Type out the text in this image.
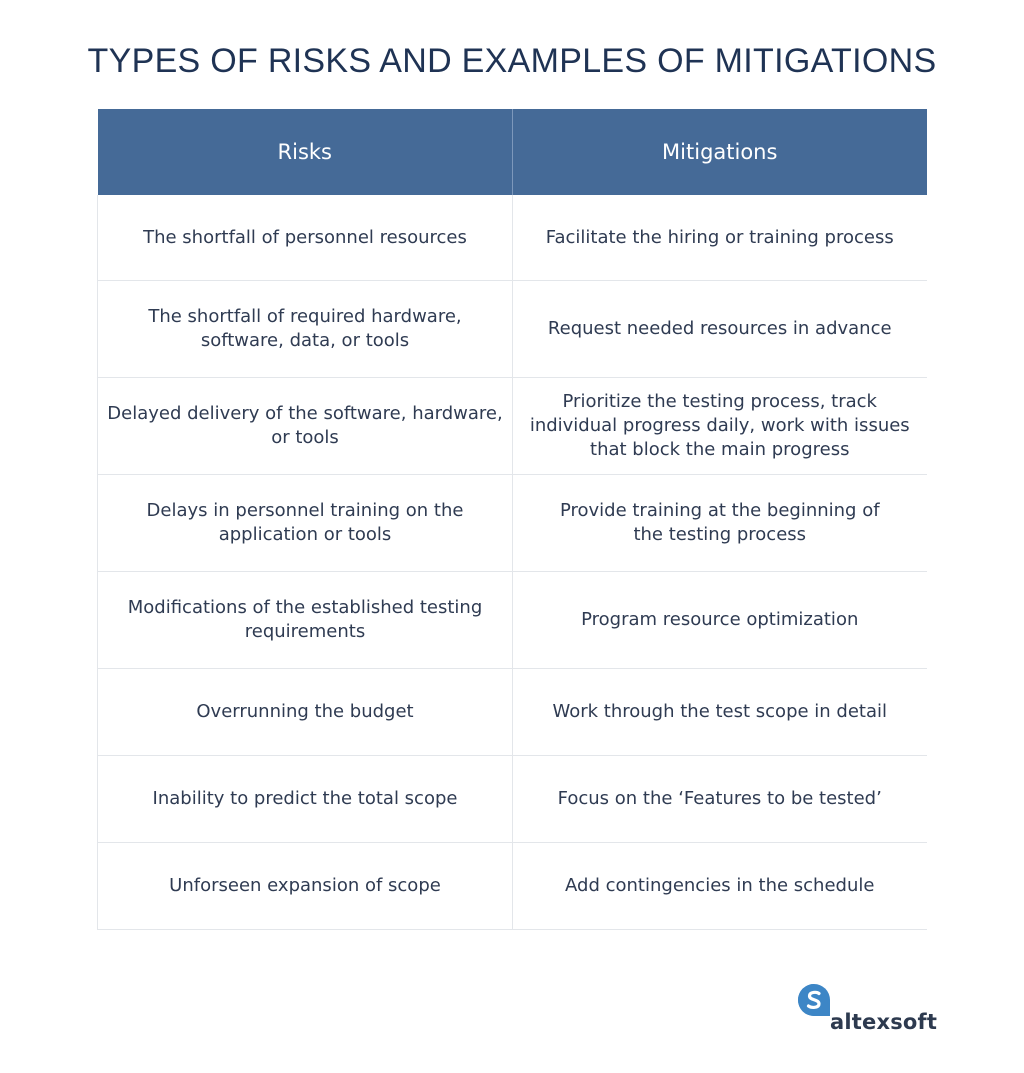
TYPES OF RISKS AND EXAMPLES OF MITIGATIONS
Risks	Mitigations
The shortfall of personnel resources	Facilitate the hiring or training process
The shortfall of required hardware, software, data, or tools	Request needed resources in advance
Delayed delivery of the software, hardware, or tools	Prioritize the testing process, track individual progress daily, work with issues that block the main progress
Delays in personnel training on the application or tools	Provide training at the beginning of the testing process
Modifications of the established testing requirements	Program resource optimization
Overrunning the budget	Work through the test scope in detail
Inability to predict the total scope	Focus on the ‘Features to be tested’
Unforseen expansion of scope	Add contingencies in the schedule
altexsoft
